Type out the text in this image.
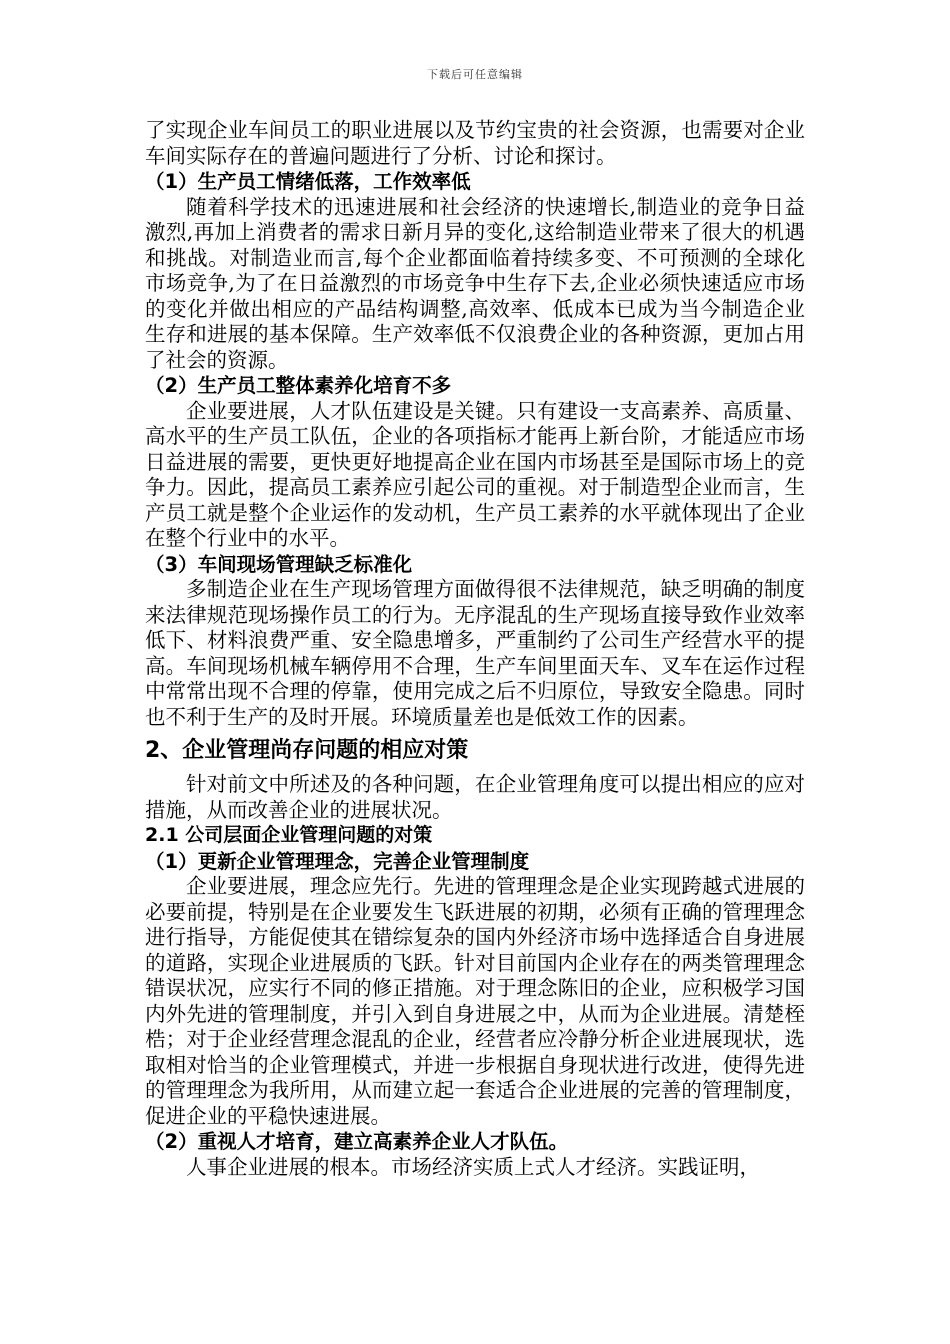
下载后可任意编辑

了实现企业车间员工的职业进展以及节约宝贵的社会资源，也需要对企业车间实际存在的普遍问题进行了分析、讨论和探讨。

（1）生产员工情绪低落，工作效率低

随着科学技术的迅速进展和社会经济的快速增长,制造业的竞争日益激烈,再加上消费者的需求日新月异的变化,这给制造业带来了很大的机遇和挑战。对制造业而言,每个企业都面临着持续多变、不可预测的全球化市场竞争,为了在日益激烈的市场竞争中生存下去,企业必须快速适应市场的变化并做出相应的产品结构调整,高效率、低成本已成为当今制造企业生存和进展的基本保障。生产效率低不仅浪费企业的各种资源，更加占用了社会的资源。

（2）生产员工整体素养化培育不多

企业要进展，人才队伍建设是关键。只有建设一支高素养、高质量、高水平的生产员工队伍，企业的各项指标才能再上新台阶，才能适应市场日益进展的需要，更快更好地提高企业在国内市场甚至是国际市场上的竞争力。因此，提高员工素养应引起公司的重视。对于制造型企业而言，生产员工就是整个企业运作的发动机，生产员工素养的水平就体现出了企业在整个行业中的水平。

（3）车间现场管理缺乏标准化

多制造企业在生产现场管理方面做得很不法律规范，缺乏明确的制度来法律规范现场操作员工的行为。无序混乱的生产现场直接导致作业效率低下、材料浪费严重、安全隐患增多，严重制约了公司生产经营水平的提高。车间现场机械车辆停用不合理，生产车间里面天车、叉车在运作过程中常常出现不合理的停靠，使用完成之后不归原位，导致安全隐患。同时也不利于生产的及时开展。环境质量差也是低效工作的因素。

2、企业管理尚存问题的相应对策

针对前文中所述及的各种问题，在企业管理角度可以提出相应的应对措施，从而改善企业的进展状况。

2.1 公司层面企业管理问题的对策

（1）更新企业管理理念，完善企业管理制度

企业要进展，理念应先行。先进的管理理念是企业实现跨越式进展的必要前提，特别是在企业要发生飞跃进展的初期，必须有正确的管理理念进行指导，方能促使其在错综复杂的国内外经济市场中选择适合自身进展的道路，实现企业进展质的飞跃。针对目前国内企业存在的两类管理理念错误状况，应实行不同的修正措施。对于理念陈旧的企业，应积极学习国内外先进的管理制度，并引入到自身进展之中，从而为企业进展。清楚桎梏；对于企业经营理念混乱的企业，经营者应冷静分析企业进展现状，选取相对恰当的企业管理模式，并进一步根据自身现状进行改进，使得先进的管理理念为我所用，从而建立起一套适合企业进展的完善的管理制度，促进企业的平稳快速进展。

（2）重视人才培育，建立高素养企业人才队伍。

人事企业进展的根本。市场经济实质上式人才经济。实践证明，
